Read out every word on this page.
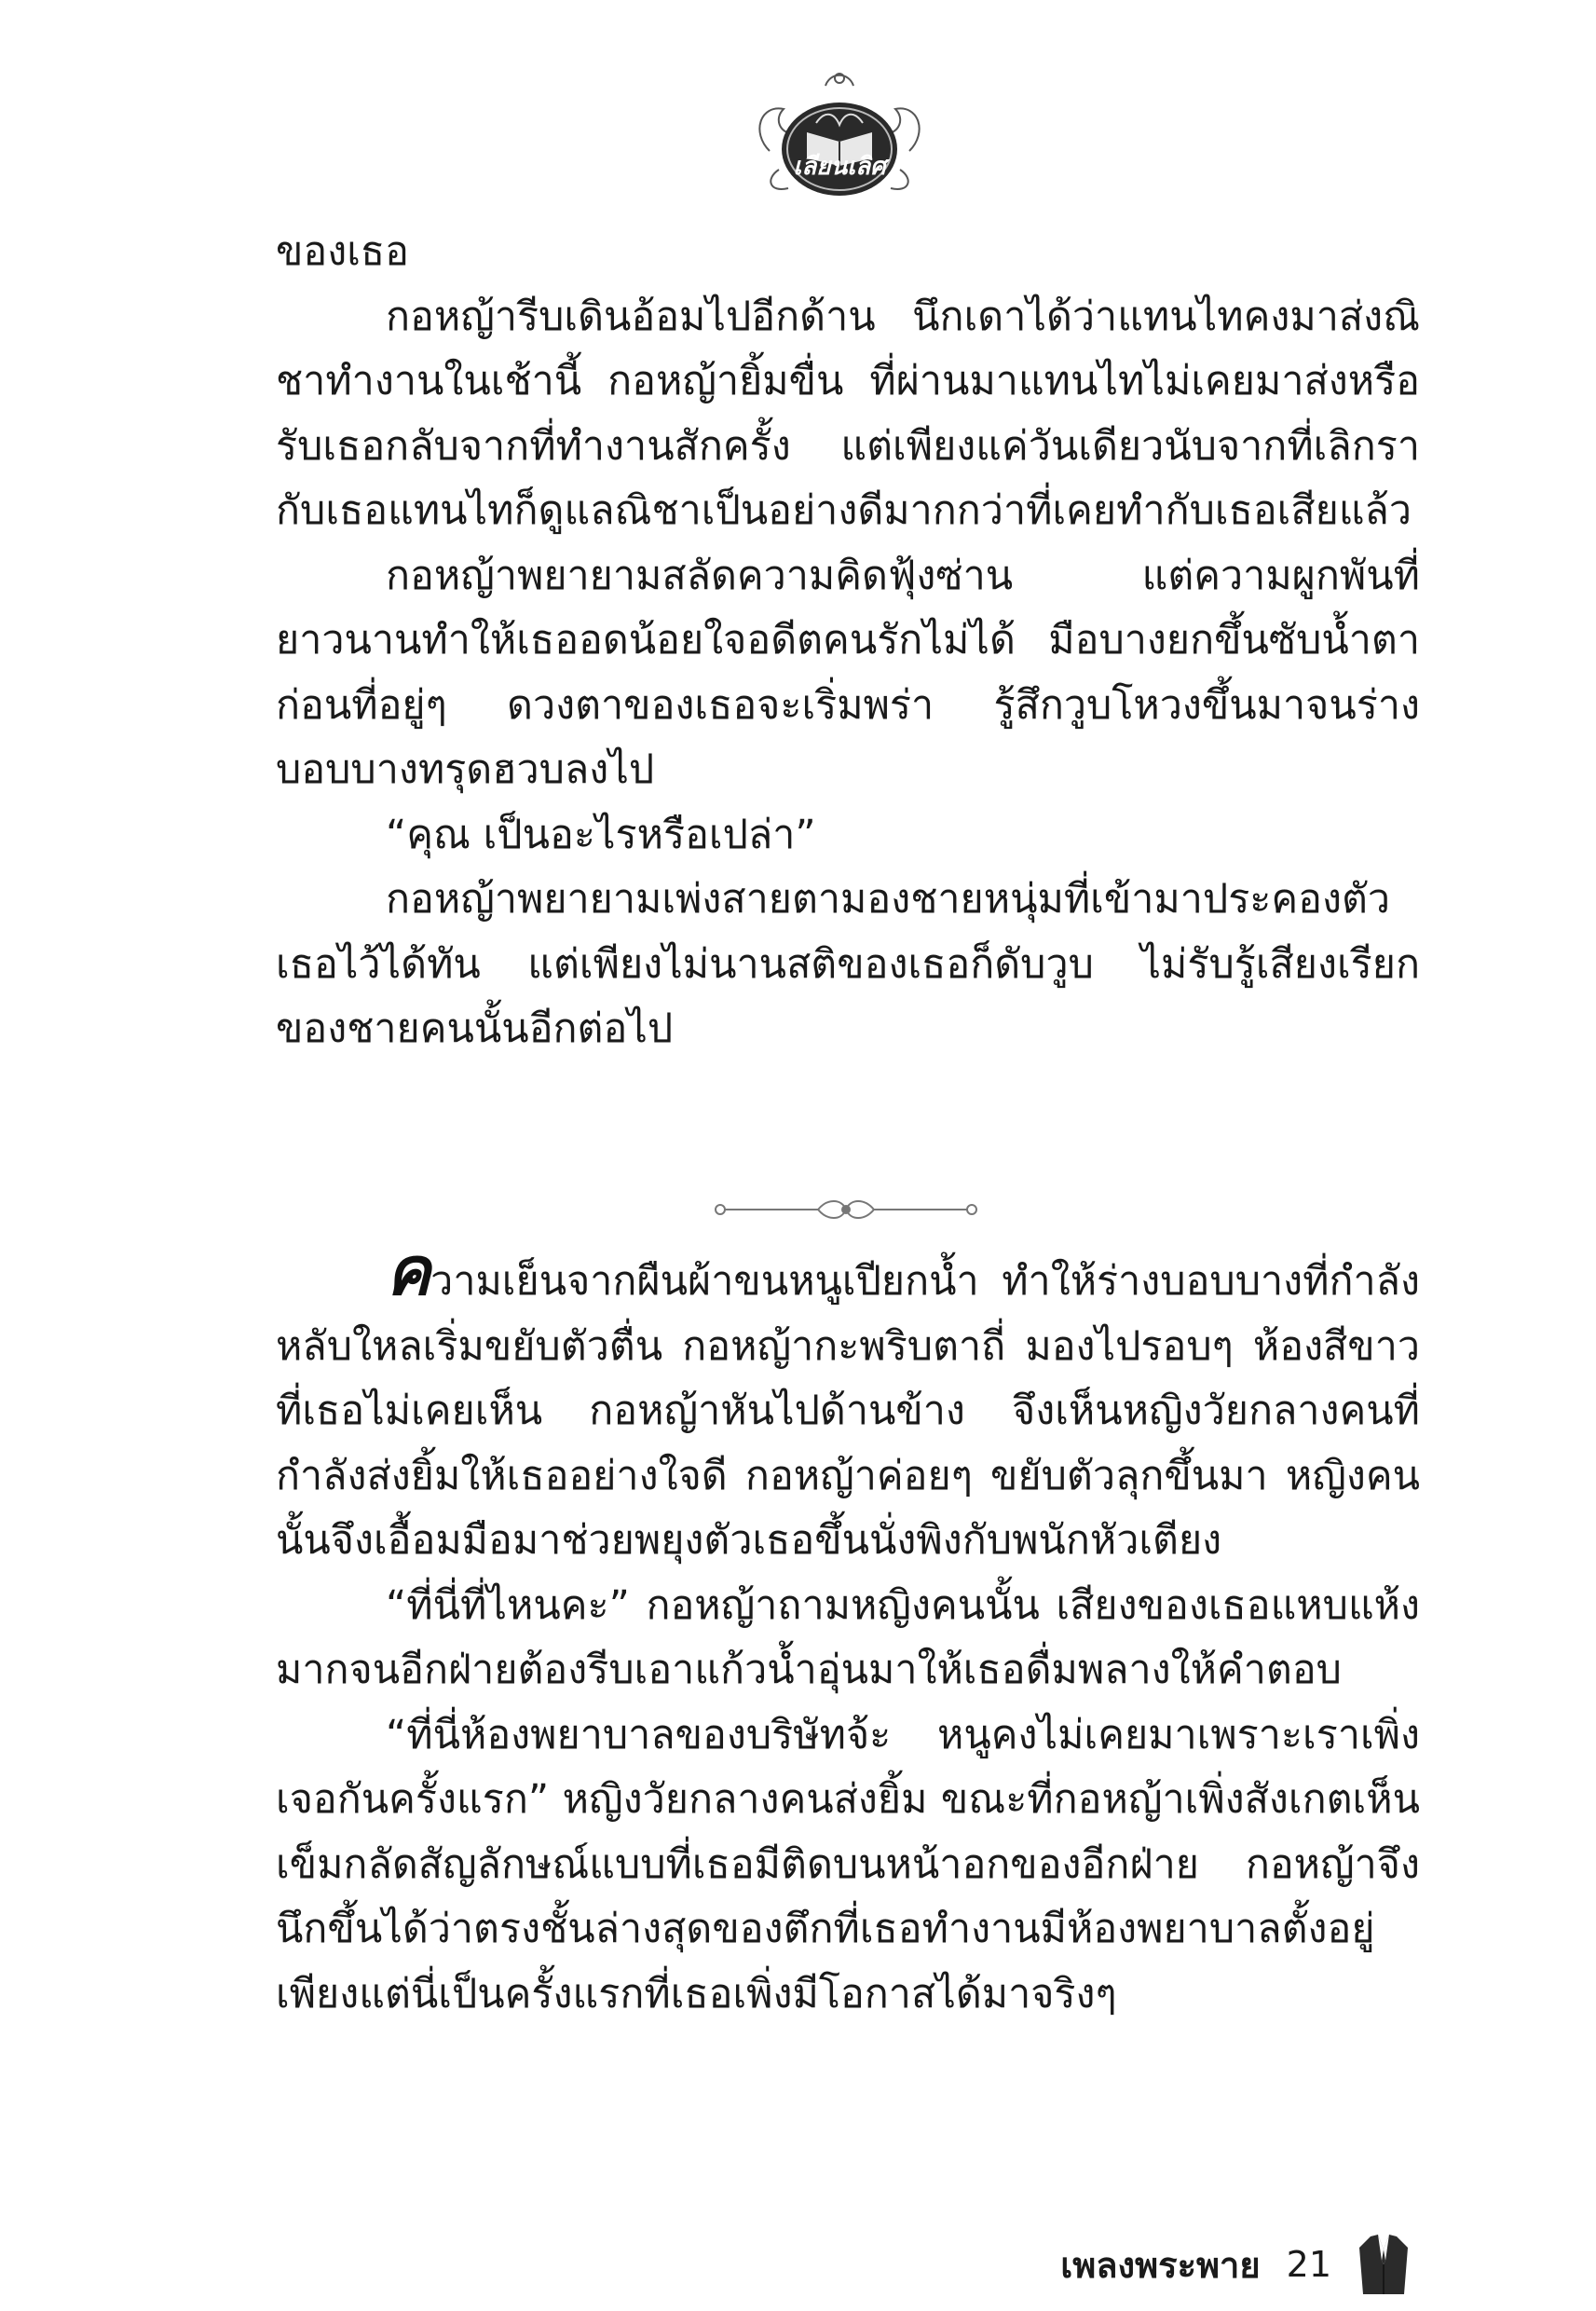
เลียนเลิศ

ของเธอ

กอหญ้ารีบเดินอ้อมไปอีกด้าน นึกเดาได้ว่าแทนไทคงมาส่งณิชาทำงานในเช้านี้ กอหญ้ายิ้มขื่น ที่ผ่านมาแทนไทไม่เคยมาส่งหรือรับเธอกลับจากที่ทำงานสักครั้ง แต่เพียงแค่วันเดียวนับจากที่เลิกรากับเธอแทนไทก็ดูแลณิชาเป็นอย่างดีมากกว่าที่เคยทำกับเธอเสียแล้ว

กอหญ้าพยายามสลัดความคิดฟุ้งซ่าน แต่ความผูกพันที่ยาวนานทำให้เธออดน้อยใจอดีตคนรักไม่ได้ มือบางยกขึ้นซับน้ำตา ก่อนที่อยู่ๆ ดวงตาของเธอจะเริ่มพร่า รู้สึกวูบโหวงขึ้นมาจนร่างบอบบางทรุดฮวบลงไป

“คุณ เป็นอะไรหรือเปล่า”

กอหญ้าพยายามเพ่งสายตามองชายหนุ่มที่เข้ามาประคองตัวเธอไว้ได้ทัน แต่เพียงไม่นานสติของเธอก็ดับวูบ ไม่รับรู้เสียงเรียกของชายคนนั้นอีกต่อไป

ความเย็นจากผืนผ้าขนหนูเปียกน้ำ ทำให้ร่างบอบบางที่กำลังหลับใหลเริ่มขยับตัวตื่น กอหญ้ากะพริบตาถี่ มองไปรอบๆ ห้องสีขาวที่เธอไม่เคยเห็น กอหญ้าหันไปด้านข้าง จึงเห็นหญิงวัยกลางคนที่กำลังส่งยิ้มให้เธออย่างใจดี กอหญ้าค่อยๆ ขยับตัวลุกขึ้นมา หญิงคนนั้นจึงเอื้อมมือมาช่วยพยุงตัวเธอขึ้นนั่งพิงกับพนักหัวเตียง

“ที่นี่ที่ไหนคะ” กอหญ้าถามหญิงคนนั้น เสียงของเธอแหบแห้งมากจนอีกฝ่ายต้องรีบเอาแก้วน้ำอุ่นมาให้เธอดื่มพลางให้คำตอบ

“ที่นี่ห้องพยาบาลของบริษัทจ้ะ หนูคงไม่เคยมาเพราะเราเพิ่งเจอกันครั้งแรก” หญิงวัยกลางคนส่งยิ้ม ขณะที่กอหญ้าเพิ่งสังเกตเห็นเข็มกลัดสัญลักษณ์แบบที่เธอมีติดบนหน้าอกของอีกฝ่าย กอหญ้าจึงนึกขึ้นได้ว่าตรงชั้นล่างสุดของตึกที่เธอทำงานมีห้องพยาบาลตั้งอยู่เพียงแต่นี่เป็นครั้งแรกที่เธอเพิ่งมีโอกาสได้มาจริงๆ

เพลงพระพาย 21
